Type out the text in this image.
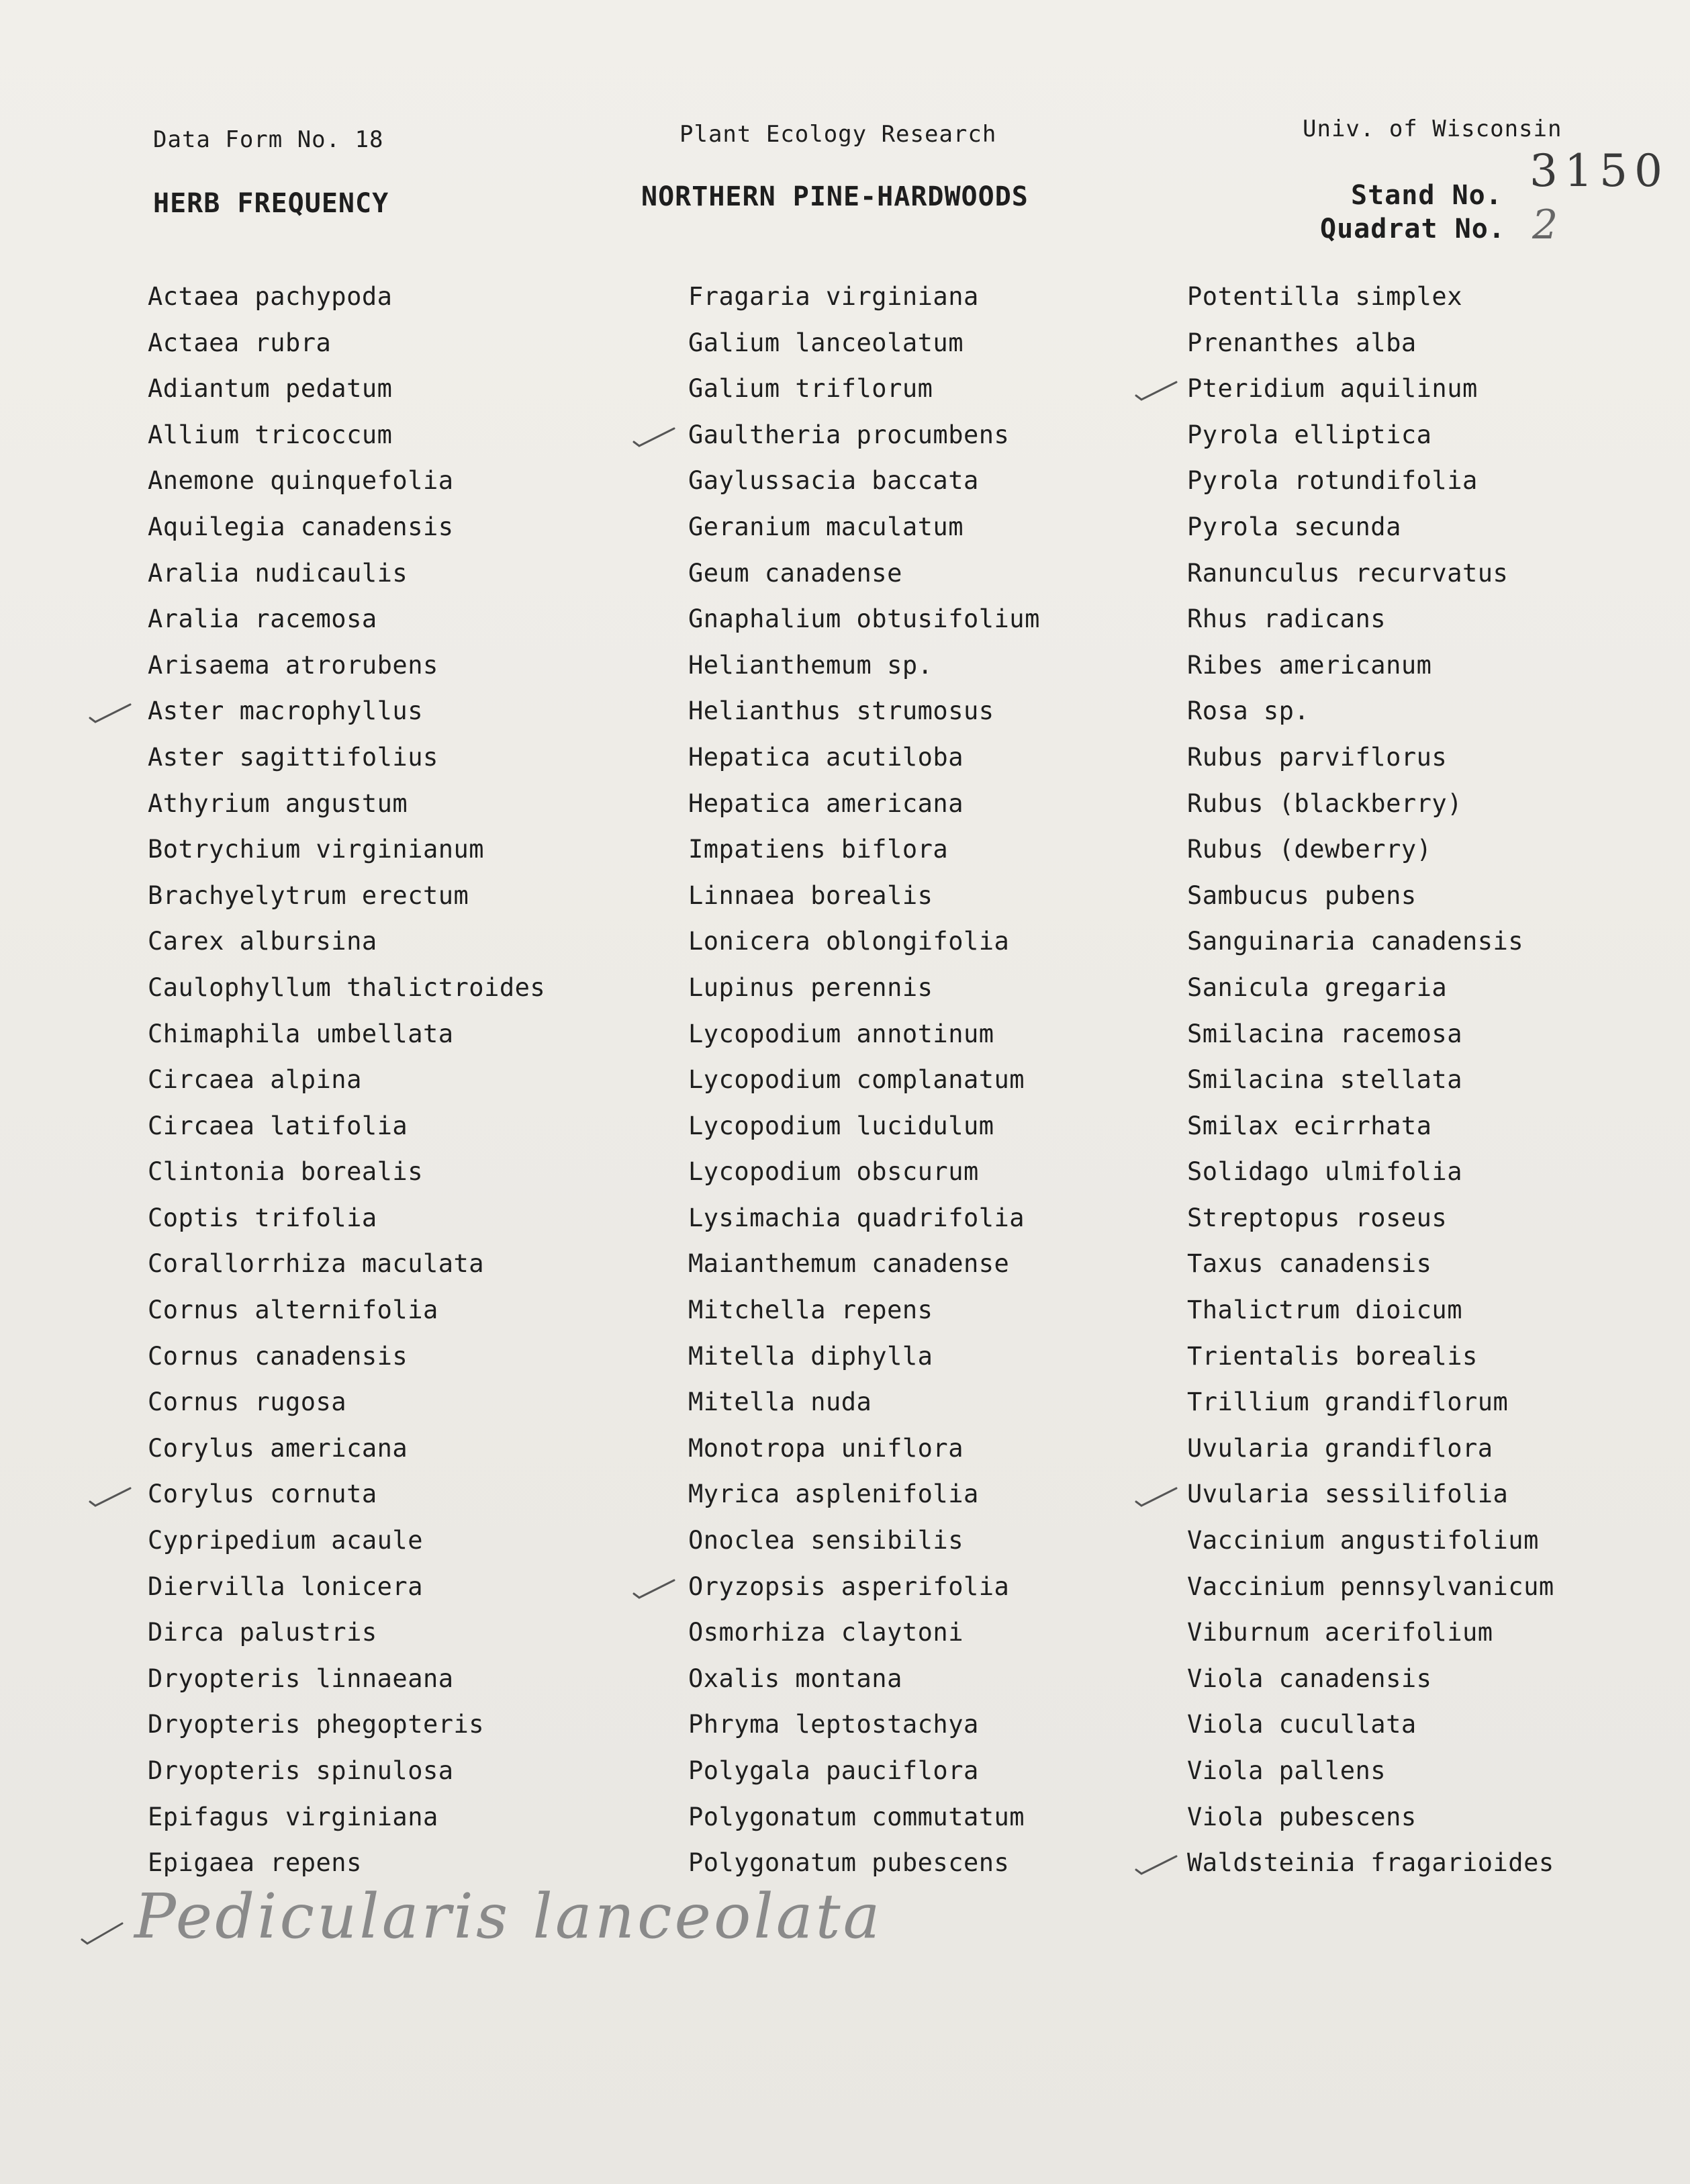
Data Form No. 18
HERB FREQUENCY
Plant Ecology Research
NORTHERN PINE-HARDWOODS
Univ. of Wisconsin
Stand No. 3150
Quadrat No. 2
Actaea pachypoda
Actaea rubra
Adiantum pedatum
Allium tricoccum
Anemone quinquefolia
Aquilegia canadensis
Aralia nudicaulis
Aralia racemosa
Arisaema atrorubens
Aster macrophyllus
Aster sagittifolius
Athyrium angustum
Botrychium virginianum
Brachyelytrum erectum
Carex albursina
Caulophyllum thalictroides
Chimaphila umbellata
Circaea alpina
Circaea latifolia
Clintonia borealis
Coptis trifolia
Corallorrhiza maculata
Cornus alternifolia
Cornus canadensis
Cornus rugosa
Corylus americana
Corylus cornuta
Cypripedium acaule
Diervilla lonicera
Dirca palustris
Dryopteris linnaeana
Dryopteris phegopteris
Dryopteris spinulosa
Epifagus virginiana
Epigaea repens
Fragaria virginiana
Galium lanceolatum
Galium triflorum
Gaultheria procumbens
Gaylussacia baccata
Geranium maculatum
Geum canadense
Gnaphalium obtusifolium
Helianthemum sp.
Helianthus strumosus
Hepatica acutiloba
Hepatica americana
Impatiens biflora
Linnaea borealis
Lonicera oblongifolia
Lupinus perennis
Lycopodium annotinum
Lycopodium complanatum
Lycopodium lucidulum
Lycopodium obscurum
Lysimachia quadrifolia
Maianthemum canadense
Mitchella repens
Mitella diphylla
Mitella nuda
Monotropa uniflora
Myrica asplenifolia
Onoclea sensibilis
Oryzopsis asperifolia
Osmorhiza claytoni
Oxalis montana
Phryma leptostachya
Polygala pauciflora
Polygonatum commutatum
Polygonatum pubescens
Potentilla simplex
Prenanthes alba
Pteridium aquilinum
Pyrola elliptica
Pyrola rotundifolia
Pyrola secunda
Ranunculus recurvatus
Rhus radicans
Ribes americanum
Rosa sp.
Rubus parviflorus
Rubus (blackberry)
Rubus (dewberry)
Sambucus pubens
Sanguinaria canadensis
Sanicula gregaria
Smilacina racemosa
Smilacina stellata
Smilax ecirrhata
Solidago ulmifolia
Streptopus roseus
Taxus canadensis
Thalictrum dioicum
Trientalis borealis
Trillium grandiflorum
Uvularia grandiflora
Uvularia sessilifolia
Vaccinium angustifolium
Vaccinium pennsylvanicum
Viburnum acerifolium
Viola canadensis
Viola cucullata
Viola pallens
Viola pubescens
Waldsteinia fragarioides
Pedicularis lanceolata
